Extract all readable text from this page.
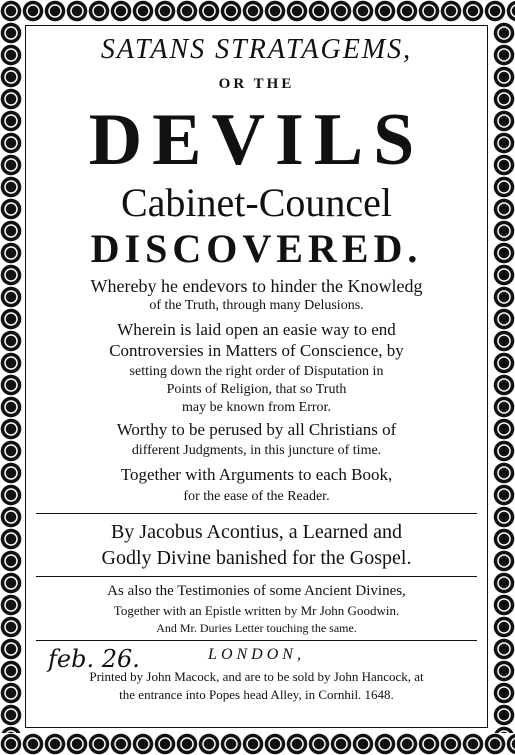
SATANS STRATAGEMS,
OR THE
DEVILS
Cabinet-Councel
DISCOVERED.
Whereby he endevors to hinder the Knowledg
of the Truth, through many Delusions.
Wherein is laid open an easie way to end
Controversies in Matters of Conscience, by
setting down the right order of Disputation in
Points of Religion, that so Truth
may be known from Error.
Worthy to be perused by all Christians of
different Judgments, in this juncture of time.
Together with Arguments to each Book,
for the ease of the Reader.
By Jacobus Acontius, a Learned and
Godly Divine banished for the Gospel.
As also the Testimonies of some Ancient Divines,
Together with an Epistle written by Mr John Goodwin.
And Mr. Duries Letter touching the same.
LONDON,
Printed by John Macock, and are to be sold by John Hancock, at
the entrance into Popes head Alley, in Cornhil. 1648.
feb. 26.
